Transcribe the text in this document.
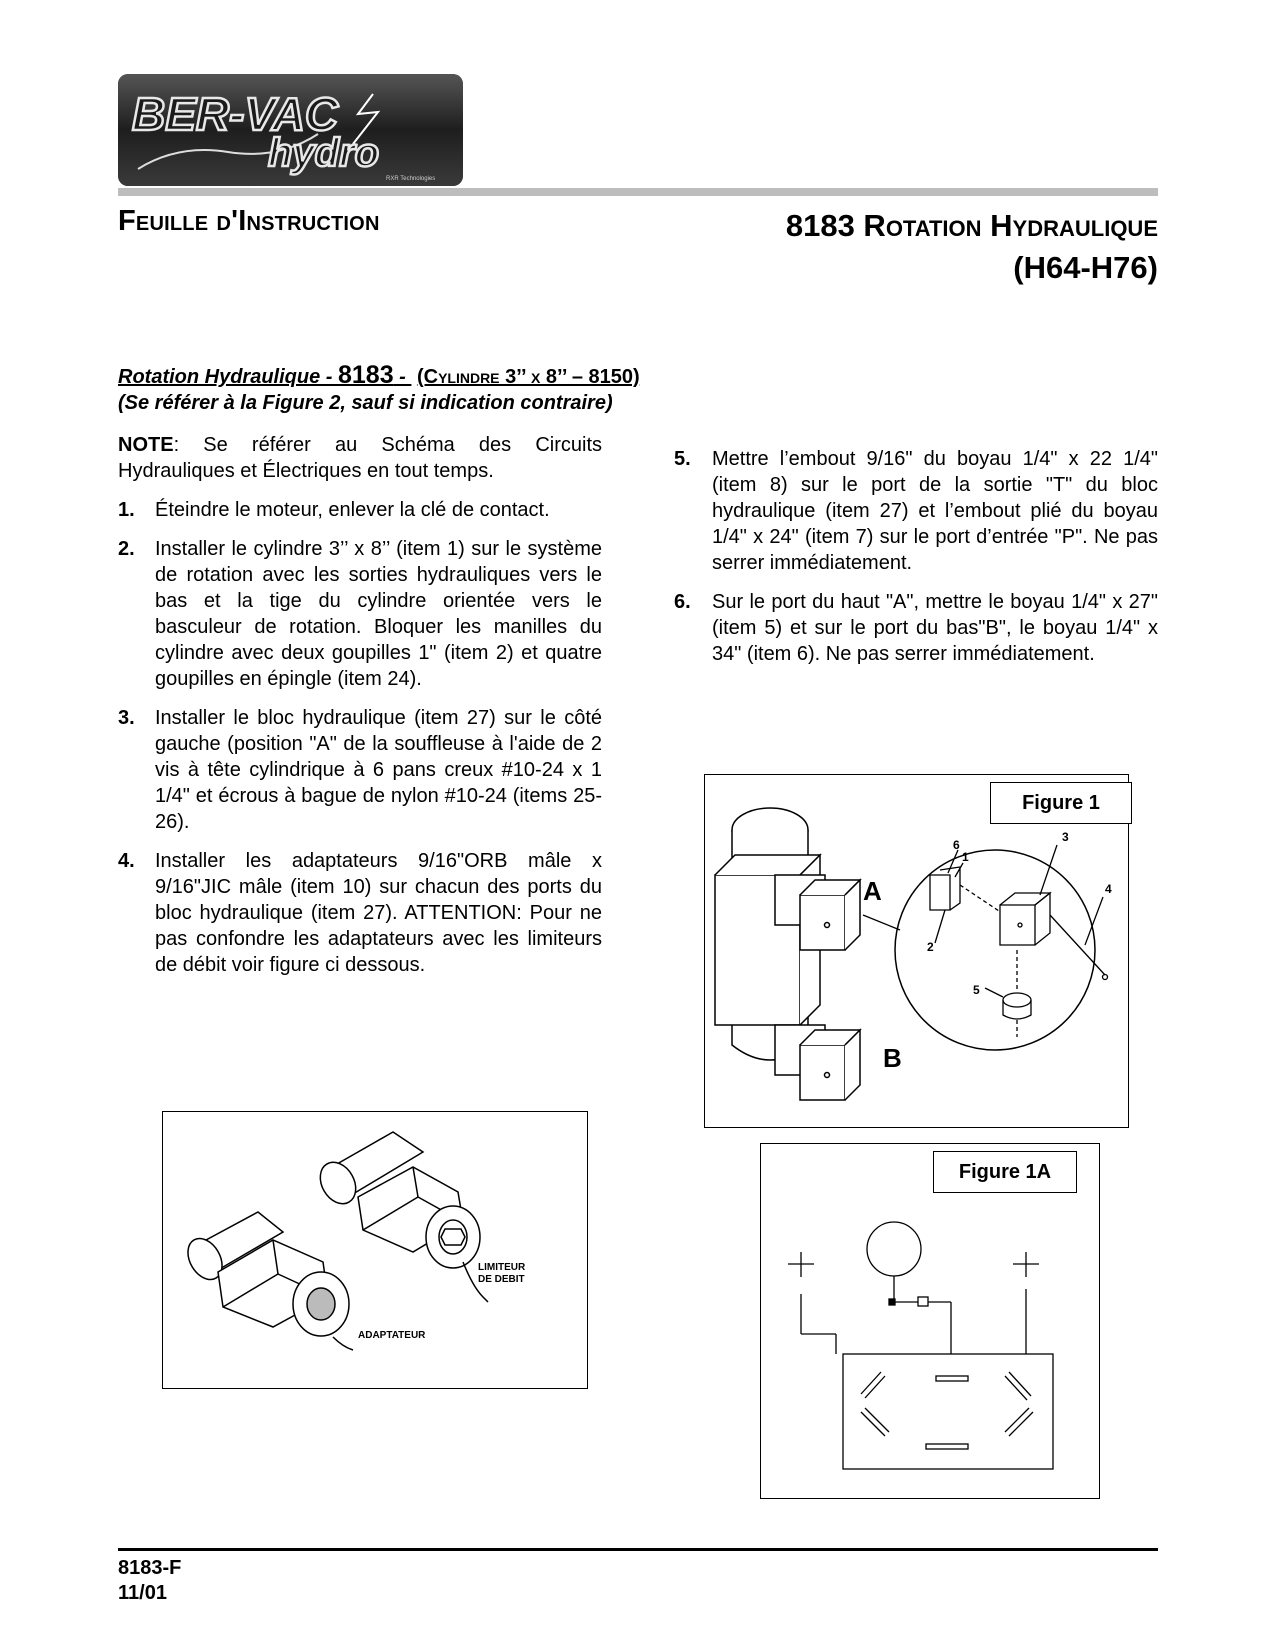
BER-VAC
hydro
RXR Technologies
Feuille d'Instruction	8183 Rotation Hydraulique
(H64-H76)
Rotation Hydraulique - 8183 -  (Cylindre 3’’ x 8’’ – 8150)
(Se référer à la Figure 2, sauf si indication contraire)

NOTE: Se référer au Schéma des Circuits Hydrauliques et Électriques en tout temps.

1.	Éteindre le moteur, enlever la clé de contact.
2.	Installer le cylindre 3’’ x 8’’ (item 1) sur le système de rotation avec les sorties hydrauliques vers le bas et la tige du cylindre orientée vers le basculeur de rotation. Bloquer les manilles du cylindre avec deux goupilles 1" (item 2) et quatre goupilles en épingle (item 24).
3.	Installer le bloc hydraulique (item 27) sur le côté gauche (position "A" de la souffleuse à l'aide de 2 vis à tête cylindrique à 6 pans creux #10-24 x 1 1/4" et écrous à bague de nylon #10-24 (items 25-26).
4.	Installer les adaptateurs 9/16"ORB mâle x 9/16"JIC mâle (item 10) sur chacun des ports du bloc hydraulique (item 27). ATTENTION: Pour ne pas confondre les adaptateurs avec les limiteurs de débit voir figure ci dessous.
5.	Mettre l’embout 9/16" du boyau 1/4" x 22 1/4" (item 8) sur le port de la sortie "T" du bloc hydraulique (item 27) et l’embout plié du boyau 1/4" x 24" (item 7) sur le port d’entrée "P". Ne pas serrer immédiatement.
6.	Sur le port du haut "A", mettre le boyau 1/4" x 27" (item 5) et sur le port du bas"B", le boyau 1/4" x 34" (item 6). Ne pas serrer immédiatement.
LIMITEUR
DE DEBIT
ADAPTATEUR
6
1
3
4
2
5
A
B
Figure 1
Figure 1A
8183-F
11/01
